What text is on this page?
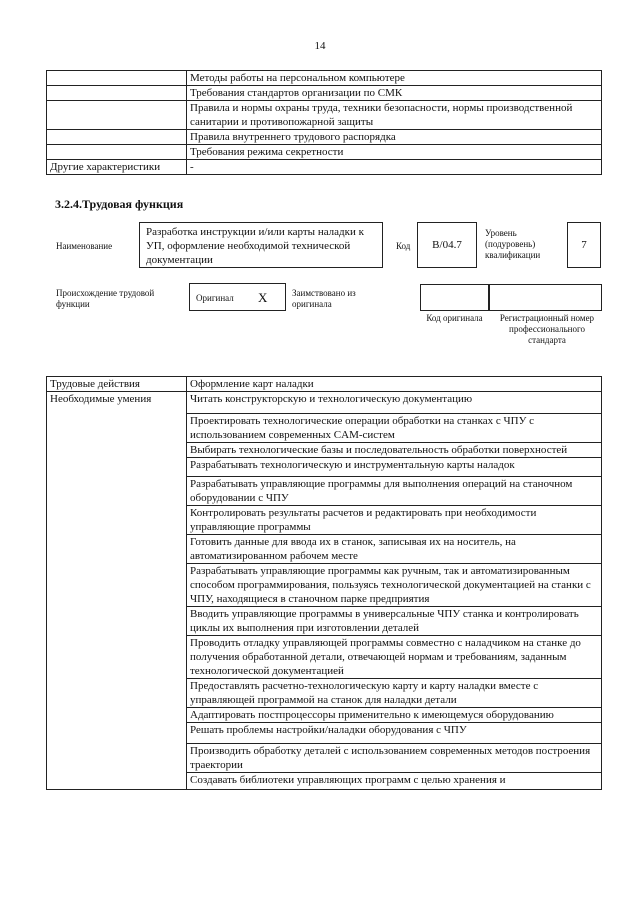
14
	Методы работы на персональном компьютере
	Требования стандартов организации по СМК
	Правила и нормы охраны труда, техники безопасности, нормы производственной санитарии и противопожарной защиты
	Правила внутреннего трудового распорядка
	Требования режима секретности
Другие характеристики	-
3.2.4.Трудовая функция
Наименование
Разработка инструкции и/или карты наладки к УП, оформление необходимой технической документации
Код	В/04.7
Уровень (подуровень) квалификации
7
Происхождение трудовой функции
Оригинал X	Заимствовано из оригинала
Код оригинала	Регистрационный номер профессионального стандарта
Трудовые действия	Оформление карт наладки
Необходимые умения	Читать конструкторскую и технологическую документацию
	Проектировать технологические операции обработки на станках с ЧПУ с использованием современных CAM-систем
	Выбирать технологические базы и последовательность обработки поверхностей
	Разрабатывать технологическую и инструментальную карты наладок
	Разрабатывать управляющие программы для выполнения операций на станочном оборудовании с ЧПУ
	Контролировать результаты расчетов и редактировать при необходимости управляющие программы
	Готовить данные для ввода их в станок, записывая их на носитель, на автоматизированном рабочем месте
	Разрабатывать управляющие программы как ручным, так и автоматизированным способом программирования, пользуясь технологической документацией на станки с ЧПУ, находящиеся в станочном парке предприятия
	Вводить управляющие программы в универсальные ЧПУ станка и контролировать циклы их выполнения при изготовлении деталей
	Проводить отладку управляющей программы совместно с наладчиком на станке до получения обработанной детали, отвечающей нормам и требованиям, заданным технологической документацией
	Предоставлять расчетно-технологическую карту и карту наладки вместе с управляющей программой на станок для наладки детали
	Адаптировать постпроцессоры применительно к имеющемуся оборудованию
	Решать проблемы настройки/наладки оборудования с ЧПУ
	Производить обработку деталей с использованием современных методов построения траектории
	Создавать библиотеки управляющих программ с целью хранения и
